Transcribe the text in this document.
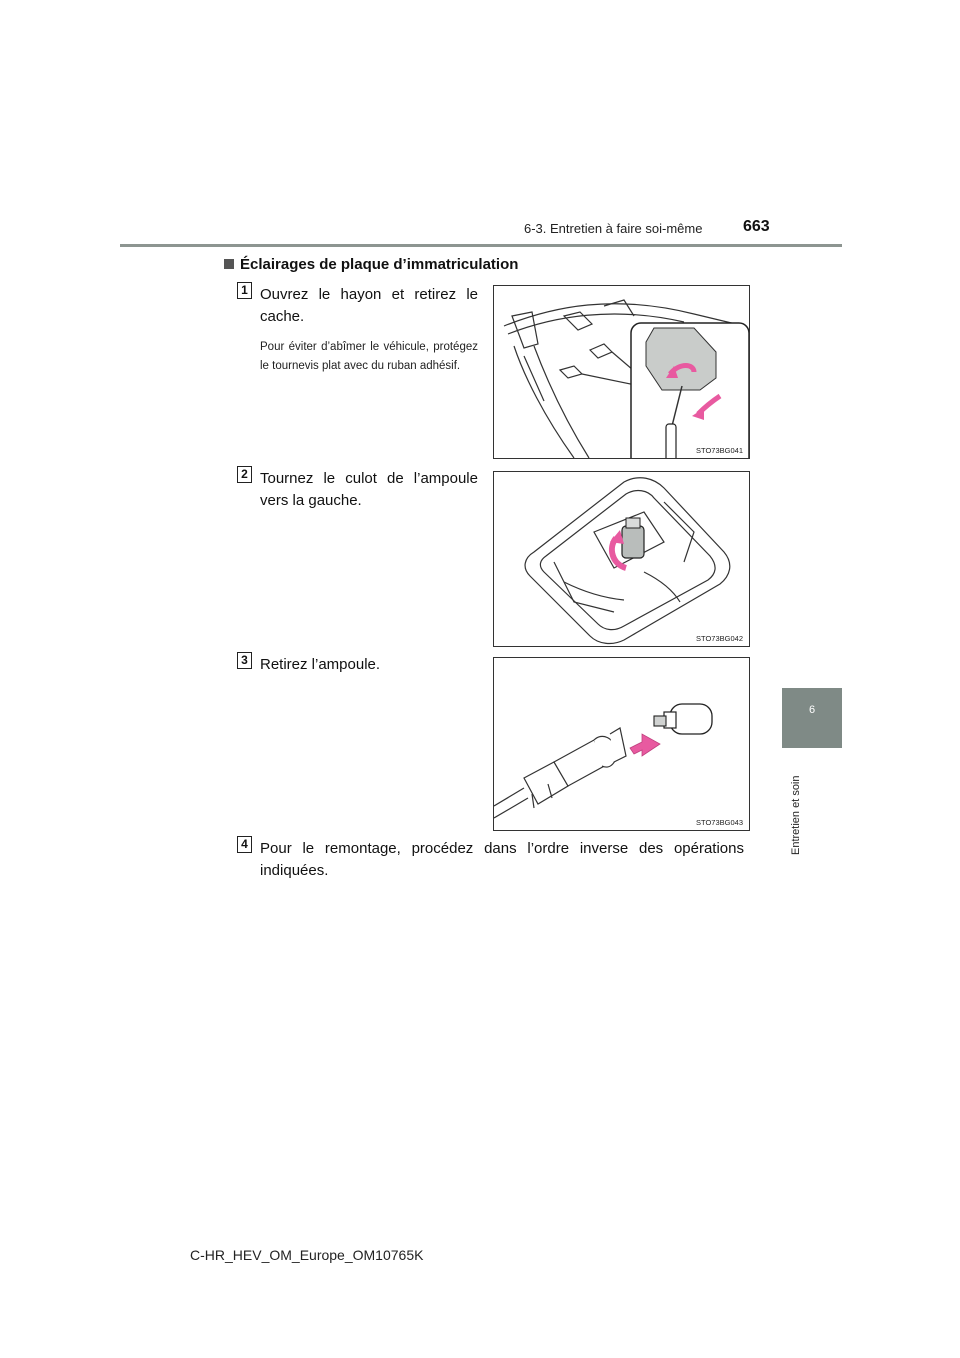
6-3. Entretien à faire soi-même	663
6
Entretien et soin
Éclairages de plaque d’immatriculation
1 Ouvrez le hayon et retirez le cache.
Pour éviter d’abîmer le véhicule, protégez le tournevis plat avec du ruban adhésif.
STO73BG041
2 Tournez le culot de l’ampoule vers la gauche.
STO73BG042
3 Retirez l’ampoule.
STO73BG043
4 Pour le remontage, procédez dans l’ordre inverse des opérations indiquées.
C-HR_HEV_OM_Europe_OM10765K
